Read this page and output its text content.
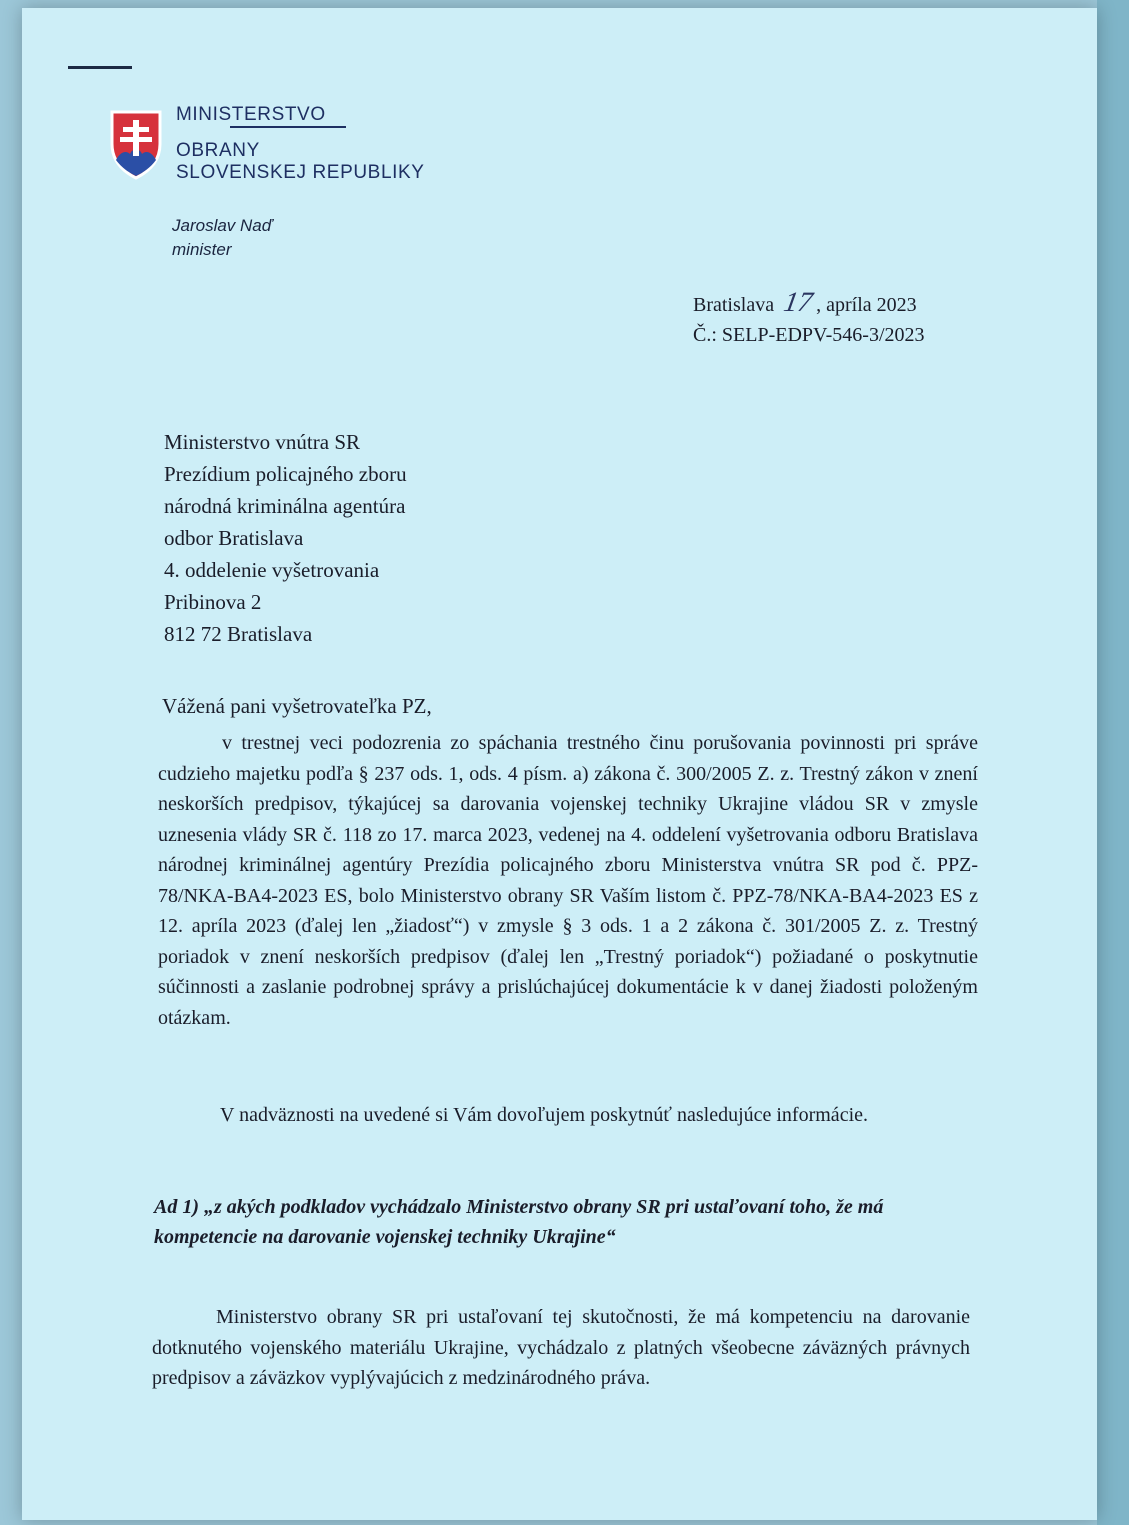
MINISTERSTVO
OBRANY
SLOVENSKEJ REPUBLIKY
Jaroslav Naď
minister
Bratislava 17, apríla 2023
Č.: SELP-EDPV-546-3/2023
Ministerstvo vnútra SR
Prezídium policajného zboru
národná kriminálna agentúra
odbor Bratislava
4. oddelenie vyšetrovania
Pribinova 2
812 72 Bratislava
Vážená pani vyšetrovateľka PZ,
v trestnej veci podozrenia zo spáchania trestného činu porušovania povinnosti pri správe cudzieho majetku podľa § 237 ods. 1, ods. 4 písm. a) zákona č. 300/2005 Z. z. Trestný zákon v znení neskorších predpisov, týkajúcej sa darovania vojenskej techniky Ukrajine vládou SR v zmysle uznesenia vlády SR č. 118 zo 17. marca 2023, vedenej na 4. oddelení vyšetrovania odboru Bratislava národnej kriminálnej agentúry Prezídia policajného zboru Ministerstva vnútra SR pod č. PPZ-78/NKA-BA4-2023 ES, bolo Ministerstvo obrany SR Vaším listom č. PPZ-78/NKA-BA4-2023 ES z 12. apríla 2023 (ďalej len „žiadosť“) v zmysle § 3 ods. 1 a 2 zákona č. 301/2005 Z. z. Trestný poriadok v znení neskorších predpisov (ďalej len „Trestný poriadok“) požiadané o poskytnutie súčinnosti a zaslanie podrobnej správy a prislúchajúcej dokumentácie k v danej žiadosti položeným otázkam.
V nadväznosti na uvedené si Vám dovoľujem poskytnúť nasledujúce informácie.
Ad 1) „z akých podkladov vychádzalo Ministerstvo obrany SR pri ustaľovaní toho, že má kompetencie na darovanie vojenskej techniky Ukrajine“
Ministerstvo obrany SR pri ustaľovaní tej skutočnosti, že má kompetenciu na darovanie dotknutého vojenského materiálu Ukrajine, vychádzalo z platných všeobecne záväzných právnych predpisov a záväzkov vyplývajúcich z medzinárodného práva.
